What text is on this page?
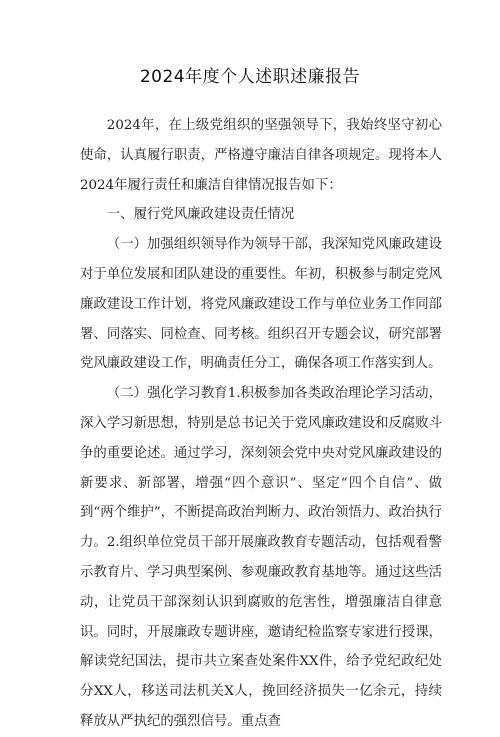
2024年度个人述职述廉报告

2024年，在上级党组织的坚强领导下，我始终坚守初心使命，认真履行职责，严格遵守廉洁自律各项规定。现将本人2024年履行责任和廉洁自律情况报告如下：

一、履行党风廉政建设责任情况

（一）加强组织领导作为领导干部，我深知党风廉政建设对于单位发展和团队建设的重要性。年初，积极参与制定党风廉政建设工作计划，将党风廉政建设工作与单位业务工作同部署、同落实、同检查、同考核。组织召开专题会议，研究部署党风廉政建设工作，明确责任分工，确保各项工作落实到人。

（二）强化学习教育1.积极参加各类政治理论学习活动，深入学习新思想，特别是总书记关于党风廉政建设和反腐败斗争的重要论述。通过学习，深刻领会党中央对党风廉政建设的新要求、新部署，增强“四个意识”、坚定“四个自信”、做到“两个维护”，不断提高政治判断力、政治领悟力、政治执行力。2.组织单位党员干部开展廉政教育专题活动，包括观看警示教育片、学习典型案例、参观廉政教育基地等。通过这些活动，让党员干部深刻认识到腐败的危害性，增强廉洁自律意识。同时，开展廉政专题讲座，邀请纪检监察专家进行授课，解读党纪国法，提市共立案查处案件XX件，给予党纪政纪处分XX人，移送司法机关X人，挽回经济损失一亿余元，持续释放从严执纪的强烈信号。重点查
